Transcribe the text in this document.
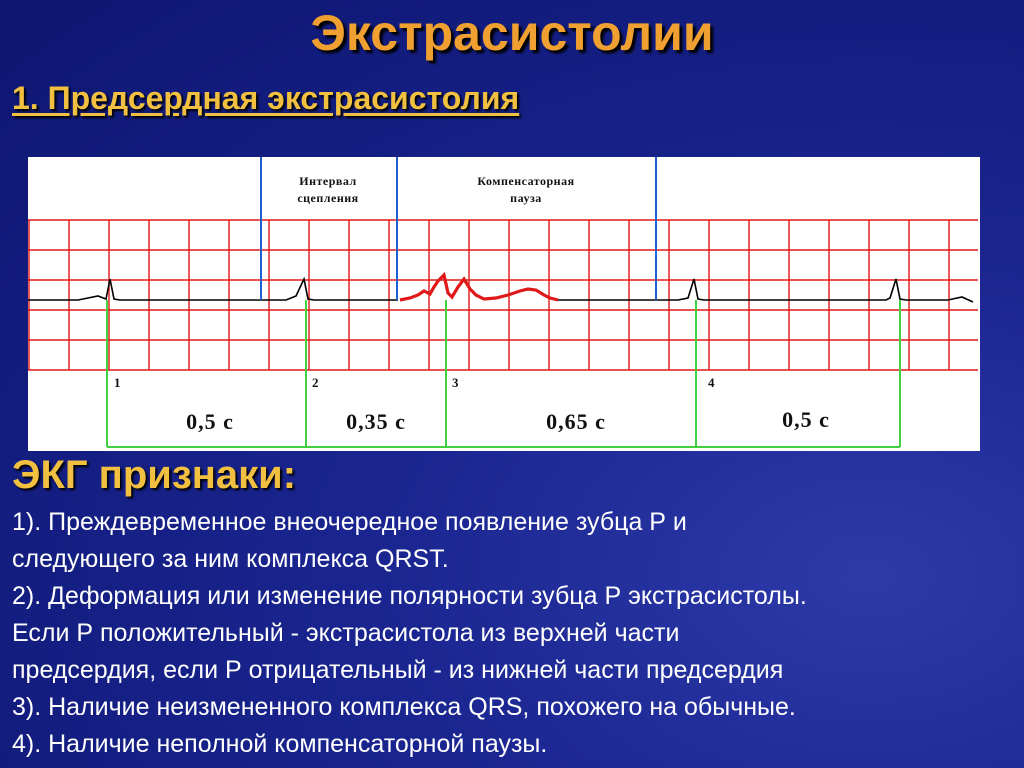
Экстрасистолии
1. Предсердная экстрасистолия
Интервал
сцепления
Компенсаторная
пауза
1	2	3	4
0,5 с	0,35 с	0,65 с	0,5 с
ЭКГ признаки:
1). Преждевременное внеочередное появление зубца Р и
следующего за ним комплекса QRST.
2). Деформация или изменение полярности зубца Р экстрасистолы.
Если Р положительный - экстрасистола из верхней части
предсердия, если Р отрицательный - из нижней части предсердия
3). Наличие неизмененного комплекса QRS, похожего на обычные.
4). Наличие неполной компенсаторной паузы.
